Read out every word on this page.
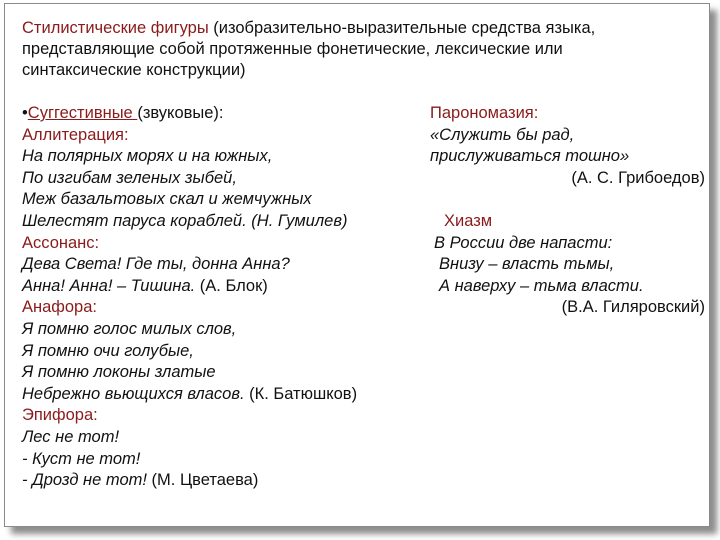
Стилистические фигуры (изобразительно-выразительные средства языка,
представляющие собой протяженные фонетические, лексические или
синтаксические конструкции)

•Суггестивные (звуковые):
Аллитерация:
На полярных морях и на южных,
По изгибам зеленых зыбей,
Меж базальтовых скал и жемчужных
Шелестят паруса кораблей. (Н. Гумилев)
Ассонанс:
Дева Света! Где ты, донна Анна?
Анна! Анна! – Тишина. (А. Блок)
Анафора:
Я помню голос милых слов,
Я помню очи голубые,
Я помню локоны златые
Небрежно вьющихся власов. (К. Батюшков)
Эпифора:
Лес не тот!
- Куст не тот!
- Дрозд не тот! (М. Цветаева)
Парономазия:
«Служить бы рад,
прислуживаться тошно»
(А. С. Грибоедов)
Хиазм
В России две напасти:
Внизу – власть тьмы,
А наверху – тьма власти.
(В.А. Гиляровский)
